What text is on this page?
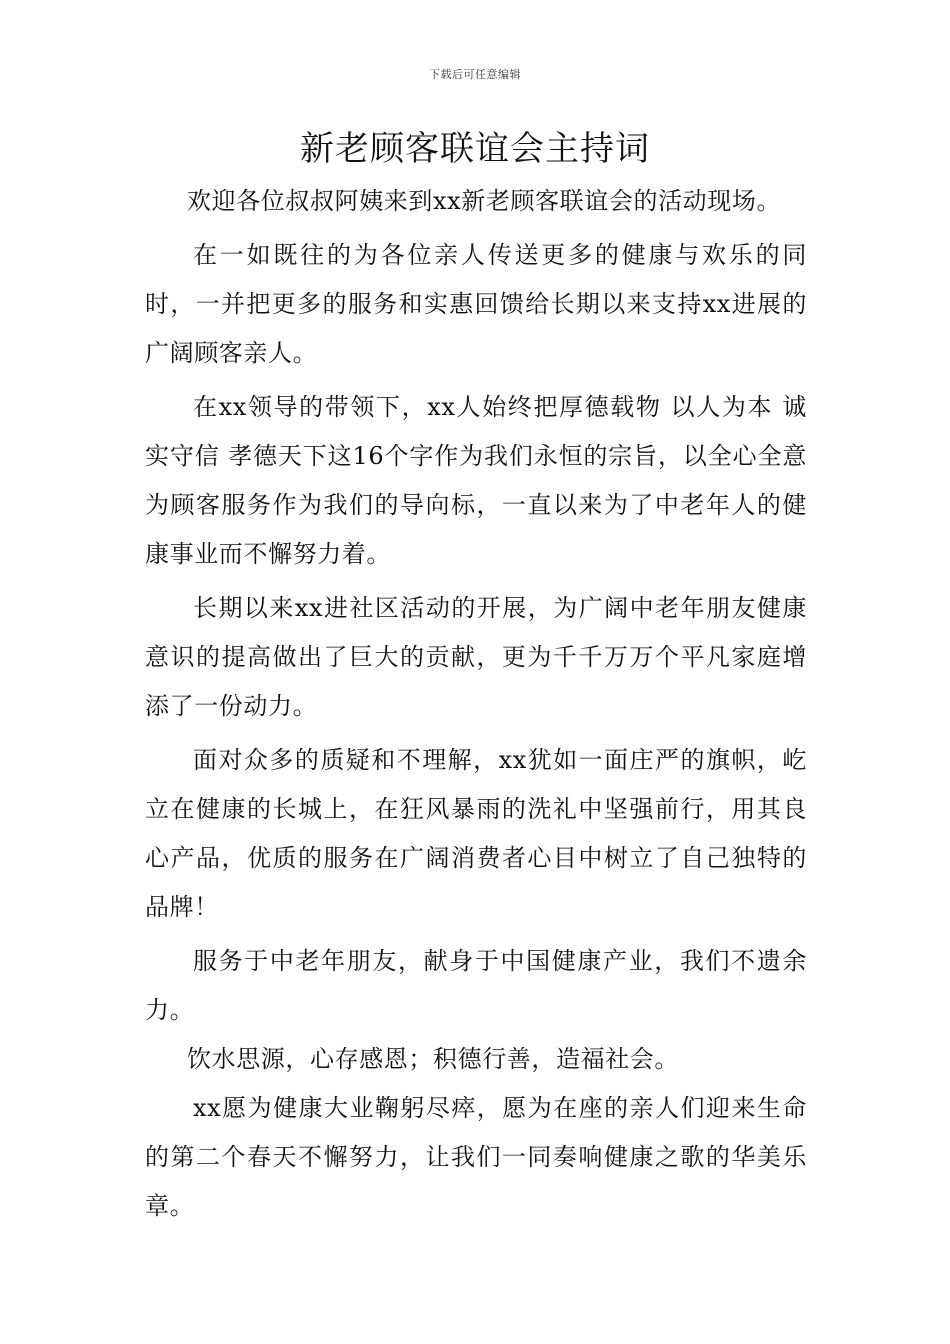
下载后可任意编辑
新老顾客联谊会主持词

欢迎各位叔叔阿姨来到xx新老顾客联谊会的活动现场。

在一如既往的为各位亲人传送更多的健康与欢乐的同时，一并把更多的服务和实惠回馈给长期以来支持xx进展的广阔顾客亲人。

在xx领导的带领下，xx人始终把厚德载物 以人为本 诚实守信 孝德天下这16个字作为我们永恒的宗旨，以全心全意为顾客服务作为我们的导向标，一直以来为了中老年人的健康事业而不懈努力着。

长期以来xx进社区活动的开展，为广阔中老年朋友健康意识的提高做出了巨大的贡献，更为千千万万个平凡家庭增添了一份动力。

面对众多的质疑和不理解，xx犹如一面庄严的旗帜，屹立在健康的长城上，在狂风暴雨的洗礼中坚强前行，用其良心产品，优质的服务在广阔消费者心目中树立了自己独特的品牌！

服务于中老年朋友，献身于中国健康产业，我们不遗余力。

饮水思源，心存感恩；积德行善，造福社会。

xx愿为健康大业鞠躬尽瘁，愿为在座的亲人们迎来生命的第二个春天不懈努力，让我们一同奏响健康之歌的华美乐章。
